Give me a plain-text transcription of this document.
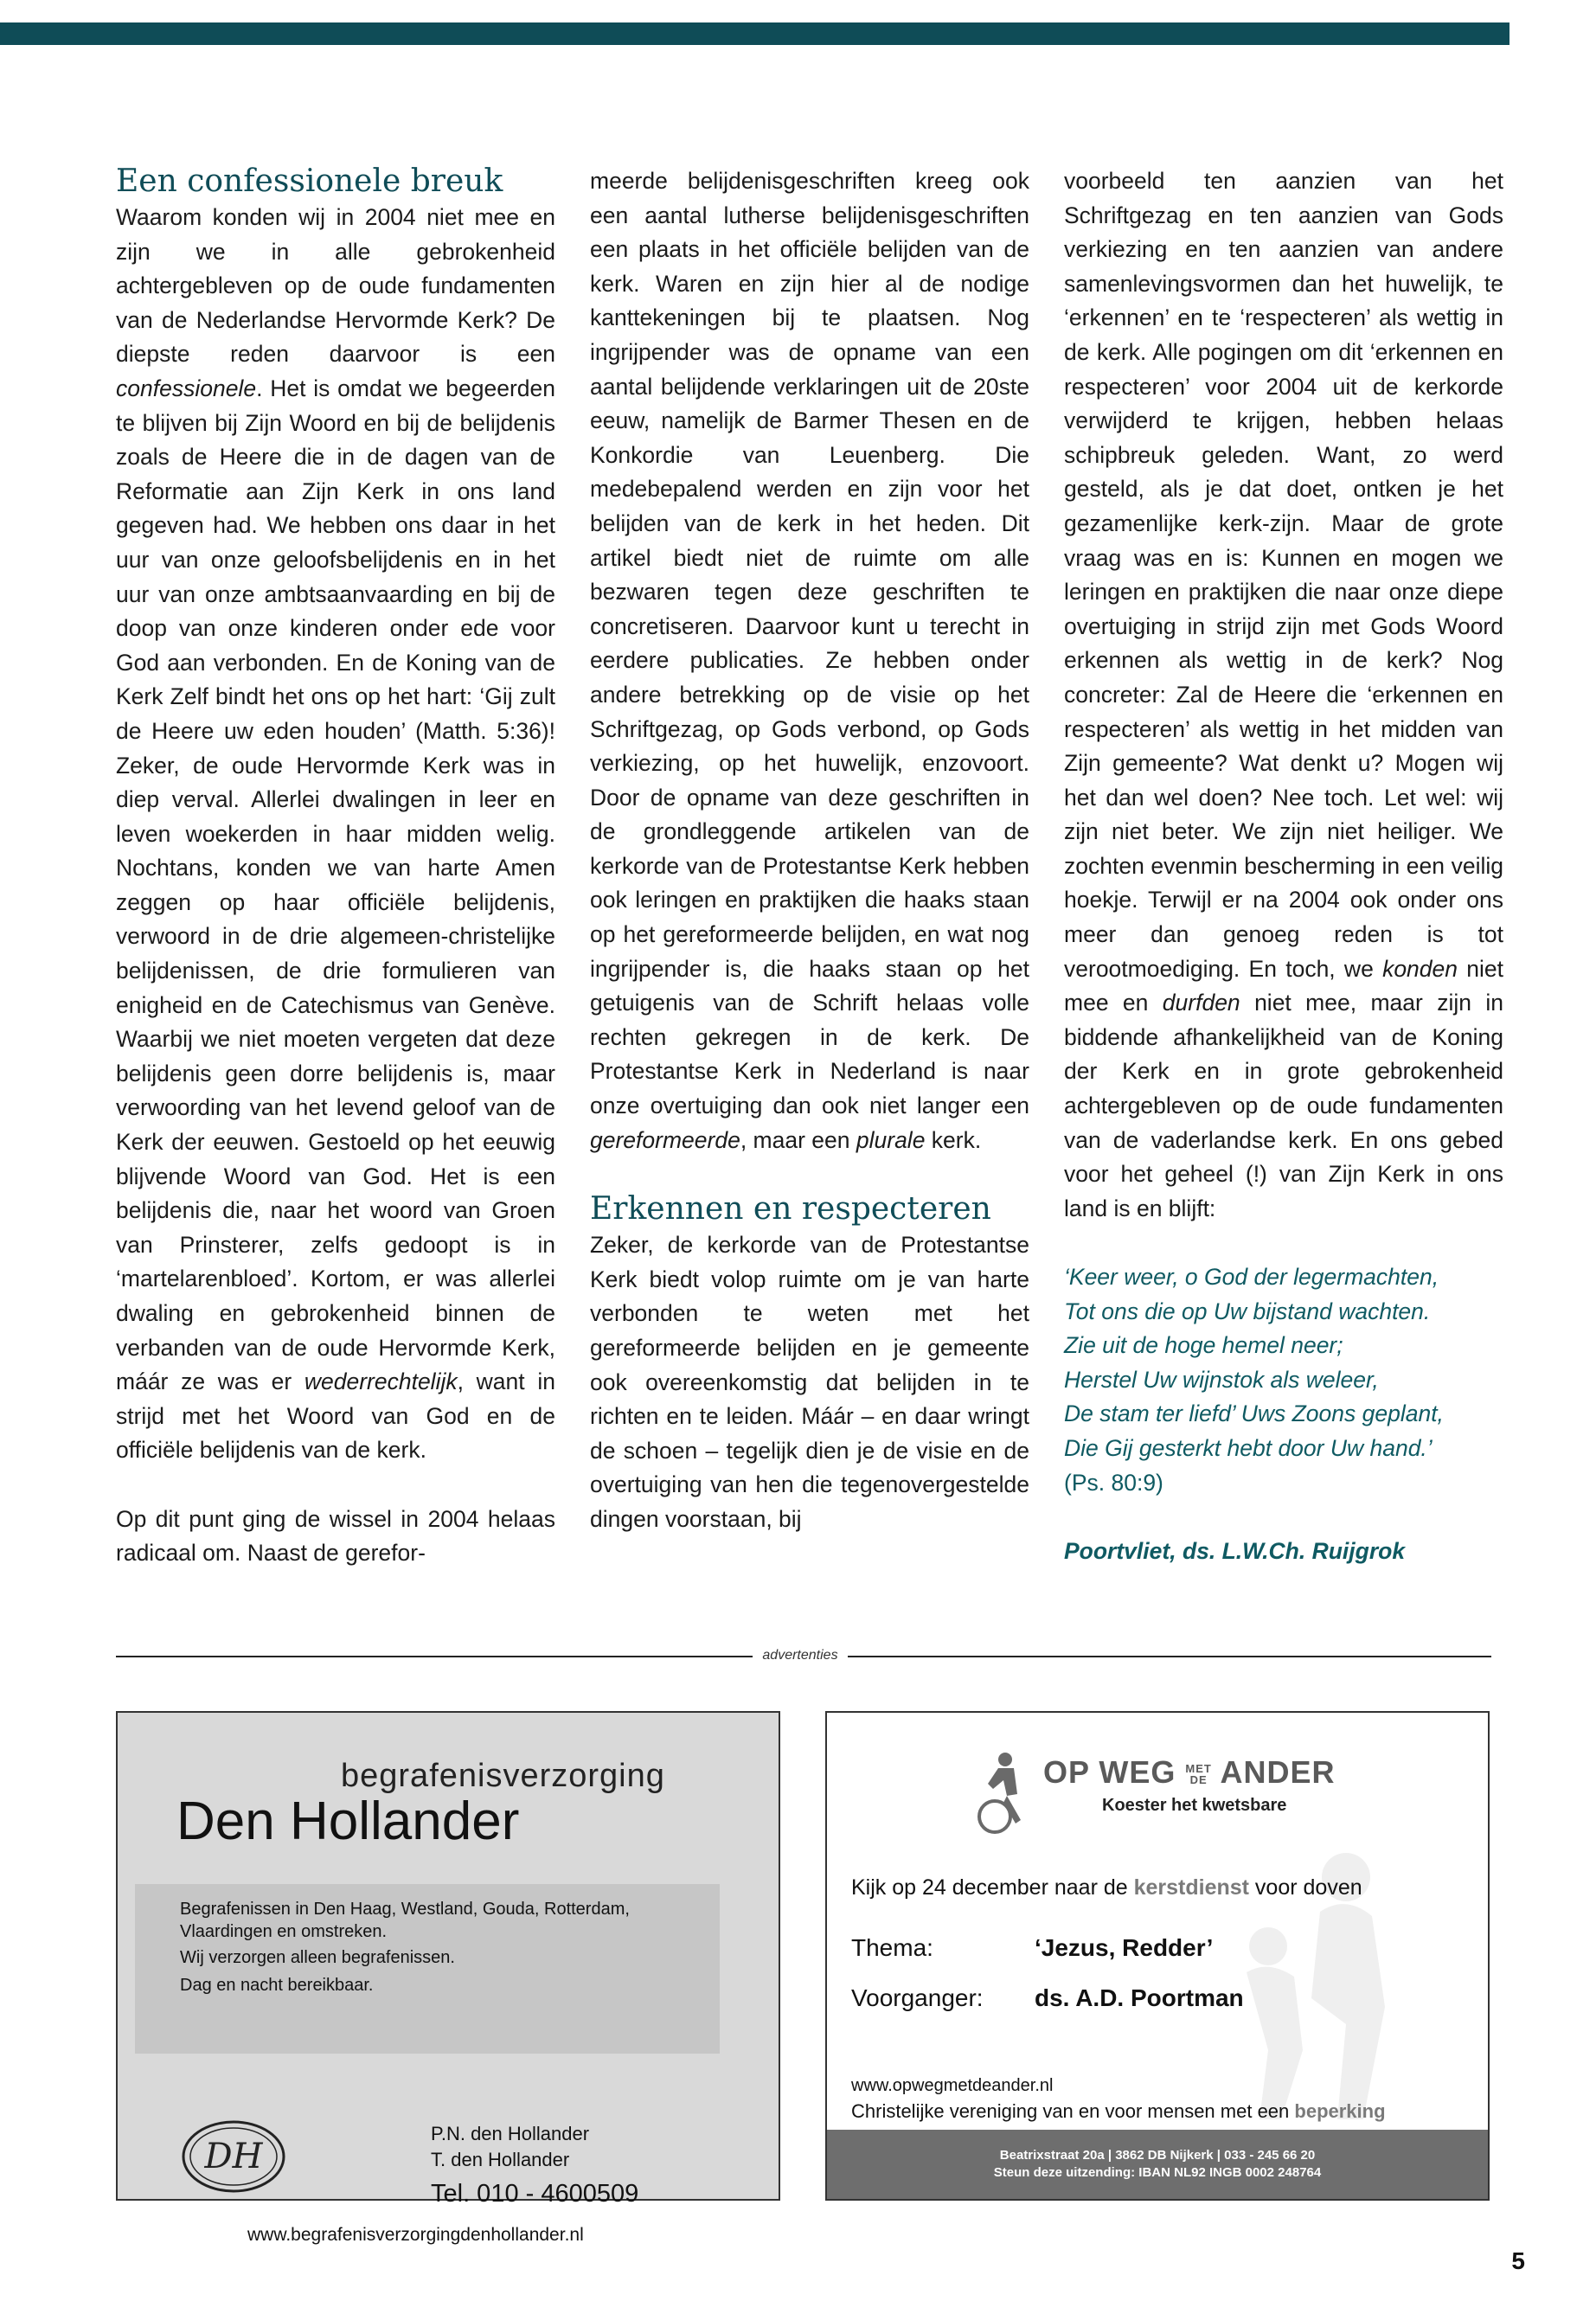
Een confessionele breuk

Waarom konden wij in 2004 niet mee en zijn we in alle gebrokenheid achtergebleven op de oude fundamenten van de Nederlandse Hervormde Kerk? De diepste reden daarvoor is een confessionele. Het is omdat we begeerden te blijven bij Zijn Woord en bij de belijdenis zoals de Heere die in de dagen van de Reformatie aan Zijn Kerk in ons land gegeven had. We hebben ons daar in het uur van onze geloofsbelijdenis en in het uur van onze ambtsaanvaarding en bij de doop van onze kinderen onder ede voor God aan verbonden. En de Koning van de Kerk Zelf bindt het ons op het hart: ‘Gij zult de Heere uw eden houden’ (Matth. 5:36)! Zeker, de oude Hervormde Kerk was in diep verval. Allerlei dwalingen in leer en leven woekerden in haar midden welig. Nochtans, konden we van harte Amen zeggen op haar officiële belijdenis, verwoord in de drie algemeen-christelijke belijdenissen, de drie formulieren van enigheid en de Catechismus van Genève. Waarbij we niet moeten vergeten dat deze belijdenis geen dorre belijdenis is, maar verwoording van het levend geloof van de Kerk der eeuwen. Gestoeld op het eeuwig blijvende Woord van God. Het is een belijdenis die, naar het woord van Groen van Prinsterer, zelfs gedoopt is in ‘martelarenbloed’. Kortom, er was allerlei dwaling en gebrokenheid binnen de verbanden van de oude Hervormde Kerk, máár ze was er wederrechtelijk, want in strijd met het Woord van God en de officiële belijdenis van de kerk.

Op dit punt ging de wissel in 2004 helaas radicaal om. Naast de gerefor-

meerde belijdenisgeschriften kreeg ook een aantal lutherse belijdenisgeschriften een plaats in het officiële belijden van de kerk. Waren en zijn hier al de nodige kanttekeningen bij te plaatsen. Nog ingrijpender was de opname van een aantal belijdende verklaringen uit de 20ste eeuw, namelijk de Barmer Thesen en de Konkordie van Leuenberg. Die medebepalend werden en zijn voor het belijden van de kerk in het heden. Dit artikel biedt niet de ruimte om alle bezwaren tegen deze geschriften te concretiseren. Daarvoor kunt u terecht in eerdere publicaties. Ze hebben onder andere betrekking op de visie op het Schriftgezag, op Gods verbond, op Gods verkiezing, op het huwelijk, enzovoort. Door de opname van deze geschriften in de grondleggende artikelen van de kerkorde van de Protestantse Kerk hebben ook leringen en praktijken die haaks staan op het gereformeerde belijden, en wat nog ingrijpender is, die haaks staan op het getuigenis van de Schrift helaas volle rechten gekregen in de kerk. De Protestantse Kerk in Nederland is naar onze overtuiging dan ook niet langer een gereformeerde, maar een plurale kerk.

Erkennen en respecteren

Zeker, de kerkorde van de Protestantse Kerk biedt volop ruimte om je van harte verbonden te weten met het gereformeerde belijden en je gemeente ook overeenkomstig dat belijden in te richten en te leiden. Máár – en daar wringt de schoen – tegelijk dien je de visie en de overtuiging van hen die tegenovergestelde dingen voorstaan, bij

voorbeeld ten aanzien van het Schriftgezag en ten aanzien van Gods verkiezing en ten aanzien van andere samenlevingsvormen dan het huwelijk, te ‘erkennen’ en te ‘respecteren’ als wettig in de kerk. Alle pogingen om dit ‘erkennen en respecteren’ voor 2004 uit de kerkorde verwijderd te krijgen, hebben helaas schipbreuk geleden. Want, zo werd gesteld, als je dat doet, ontken je het gezamenlijke kerk-zijn. Maar de grote vraag was en is: Kunnen en mogen we leringen en praktijken die naar onze diepe overtuiging in strijd zijn met Gods Woord erkennen als wettig in de kerk? Nog concreter: Zal de Heere die ‘erkennen en respecteren’ als wettig in het midden van Zijn gemeente? Wat denkt u? Mogen wij het dan wel doen? Nee toch. Let wel: wij zijn niet beter. We zijn niet heiliger. We zochten evenmin bescherming in een veilig hoekje. Terwijl er na 2004 ook onder ons meer dan genoeg reden is tot verootmoediging. En toch, we konden niet mee en durfden niet mee, maar zijn in biddende afhankelijkheid van de Koning der Kerk en in grote gebrokenheid achtergebleven op de oude fundamenten van de vaderlandse kerk. En ons gebed voor het geheel (!) van Zijn Kerk in ons land is en blijft:

‘Keer weer, o God der legermachten,
Tot ons die op Uw bijstand wachten.
Zie uit de hoge hemel neer;
Herstel Uw wijnstok als weleer,
De stam ter liefd’ Uws Zoons geplant,
Die Gij gesterkt hebt door Uw hand.’
(Ps. 80:9)
Poortvliet, ds. L.W.Ch. Ruijgrok
advertenties
begrafenisverzorging
Den Hollander

Begrafenissen in Den Haag, Westland, Gouda, Rotterdam,

Vlaardingen en omstreken.

Wij verzorgen alleen begrafenissen.

Dag en nacht bereikbaar.

DH
P.N. den Hollander
T. den Hollander
Tel. 010 - 4600509
www.begrafenisverzorgingdenhollander.nl
OP WEG MET
DE ANDER
Koester het kwetsbare
Kijk op 24 december naar de kerstdienst voor doven
Thema:	‘Jezus, Redder’
Voorganger: ds. A.D. Poortman
www.opwegmetdeander.nl
Christelijke vereniging van en voor mensen met een beperking
Beatrixstraat 20a | 3862 DB Nijkerk | 033 - 245 66 20
Steun deze uitzending: IBAN NL92 INGB 0002 248764
5
